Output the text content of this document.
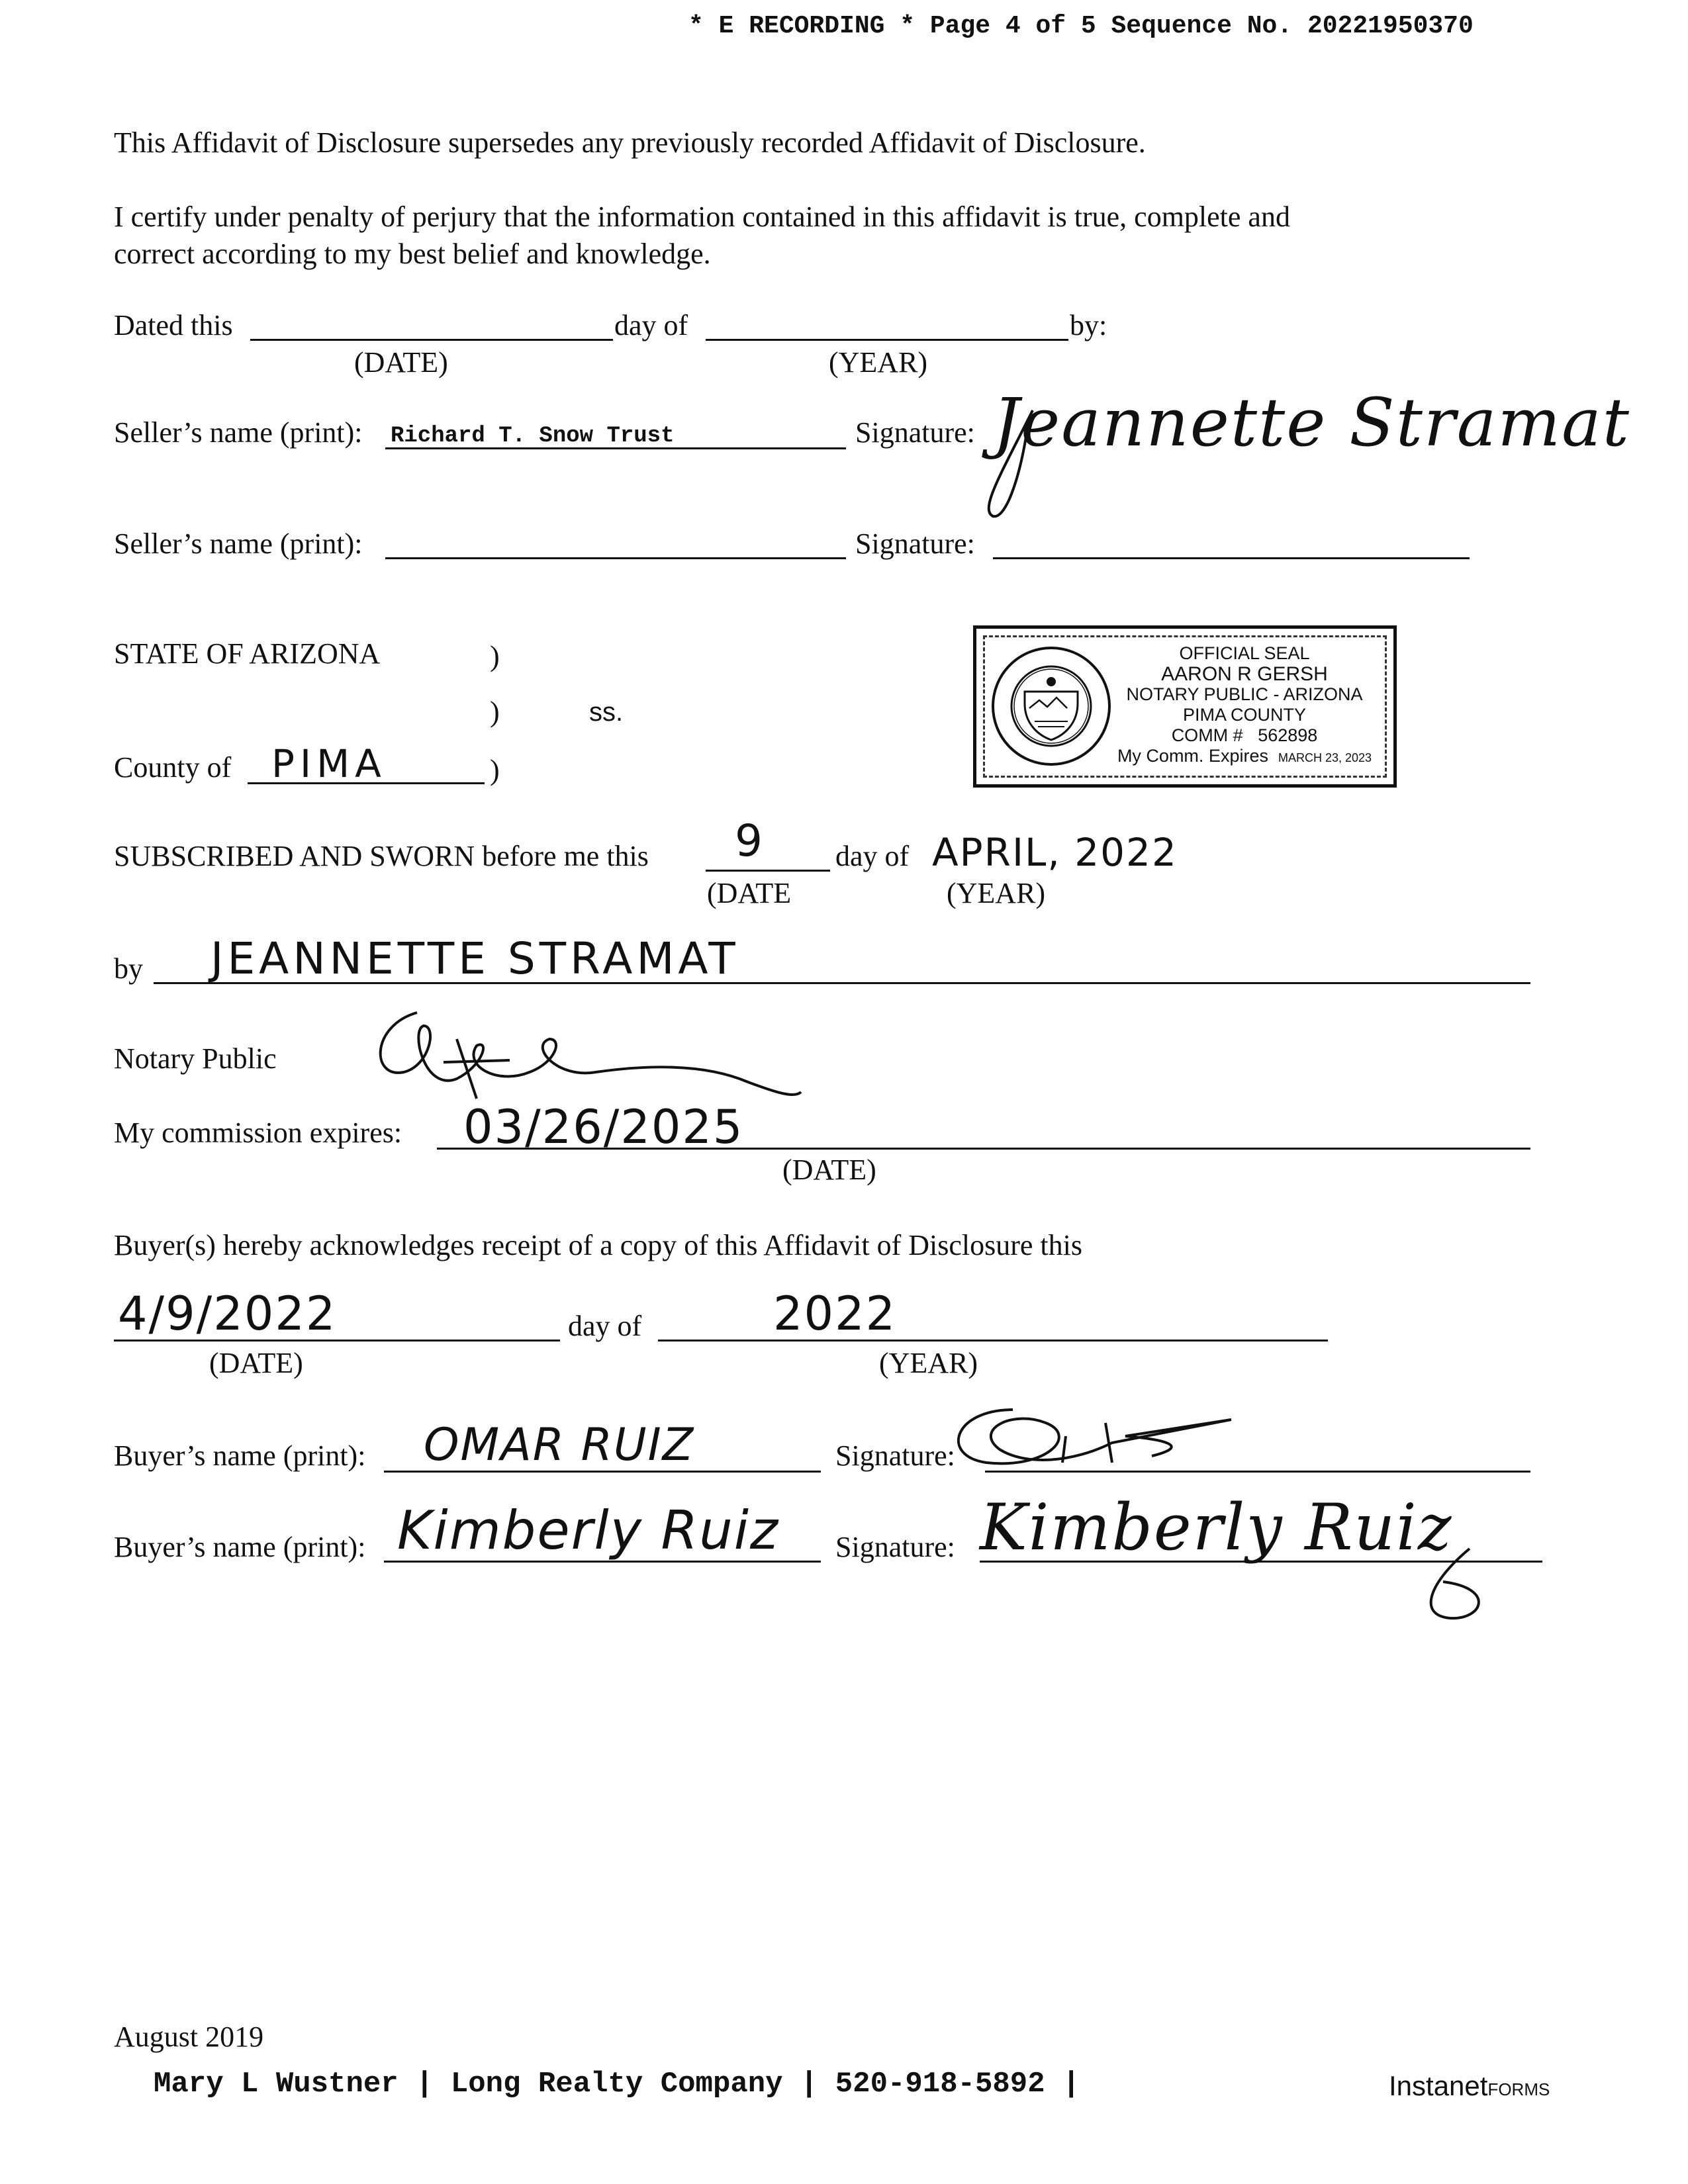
* E RECORDING * Page 4 of 5 Sequence No. 20221950370
This Affidavit of Disclosure supersedes any previously recorded Affidavit of Disclosure.
I certify under penalty of perjury that the information contained in this affidavit is true, complete and
correct according to my best belief and knowledge.
Dated this	day of	by:
(DATE)	(YEAR)
Seller’s name (print): Richard T. Snow Trust	Signature: Jeannette Stramat
Seller’s name (print):	Signature:
STATE OF ARIZONA	)
)	ss.
County of PIMA	)
OFFICIAL SEAL
AARON R GERSH
NOTARY PUBLIC - ARIZONA
PIMA COUNTY
COMM # 562898
My Comm. Expires MARCH 23, 2023
SUBSCRIBED AND SWORN before me this 9 day of APRIL, 2022
(DATE	(YEAR)
by JEANNETTE STRAMAT
Notary Public
My commission expires: 03/26/2025
(DATE)
Buyer(s) hereby acknowledges receipt of a copy of this Affidavit of Disclosure this
4/9/2022	day of	2022
(DATE)	(YEAR)
Buyer’s name (print): OMAR RUIZ	Signature:
Buyer’s name (print): Kimberly Ruiz Signature: Kimberly Ruiz
August 2019
Mary L Wustner | Long Realty Company | 520-918-5892 |	InstanetFORMS
